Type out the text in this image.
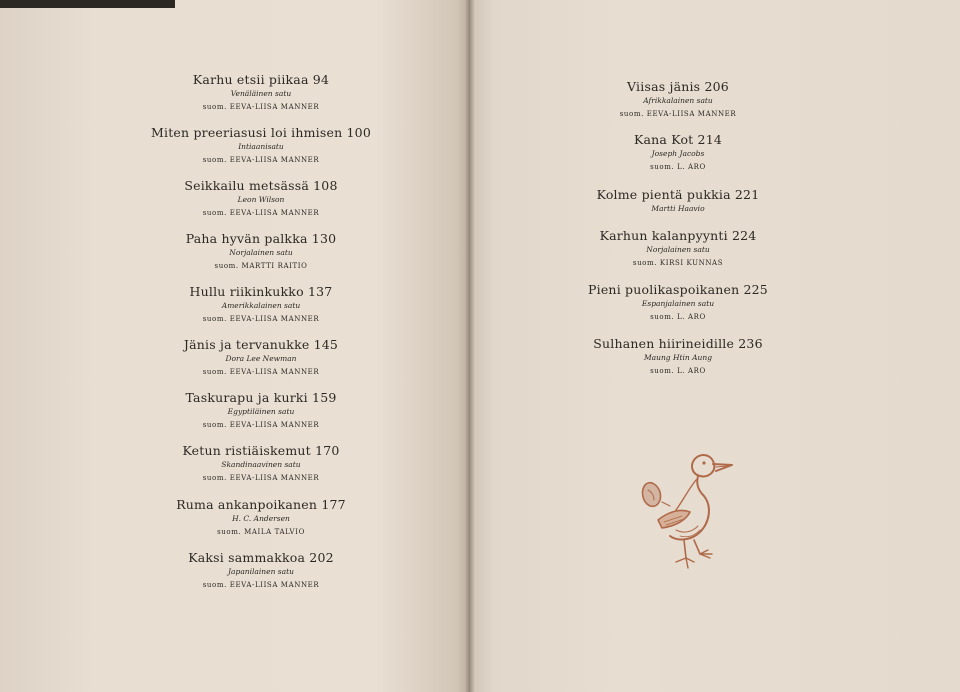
Karhu etsii piikaa 94
Venäläinen satu
suom. EEVA-LIISA MANNER
Miten preeriasusi loi ihmisen 100
Intiaanisatu
suom. EEVA-LIISA MANNER
Seikkailu metsässä 108
Leon Wilson
suom. EEVA-LIISA MANNER
Paha hyvän palkka 130
Norjalainen satu
suom. MARTTI RAITIO
Hullu riikinkukko 137
Amerikkalainen satu
suom. EEVA-LIISA MANNER
Jänis ja tervanukke 145
Dora Lee Newman
suom. EEVA-LIISA MANNER
Taskurapu ja kurki 159
Egyptiläinen satu
suom. EEVA-LIISA MANNER
Ketun ristiäiskemut 170
Skandinaavinen satu
suom. EEVA-LIISA MANNER
Ruma ankanpoikanen 177
H. C. Andersen
suom. MAILA TALVIO
Kaksi sammakkoa 202
Japanilainen satu
suom. EEVA-LIISA MANNER
Viisas jänis 206
Afrikkalainen satu
suom. EEVA-LIISA MANNER
Kana Kot 214
Joseph Jacobs
suom. L. ARO
Kolme pientä pukkia 221
Martti Haavio
Karhun kalanpyynti 224
Norjalainen satu
suom. KIRSI KUNNAS
Pieni puolikaspoikanen 225
Espanjalainen satu
suom. L. ARO
Sulhanen hiirineidille 236
Maung Htin Aung
suom. L. ARO
